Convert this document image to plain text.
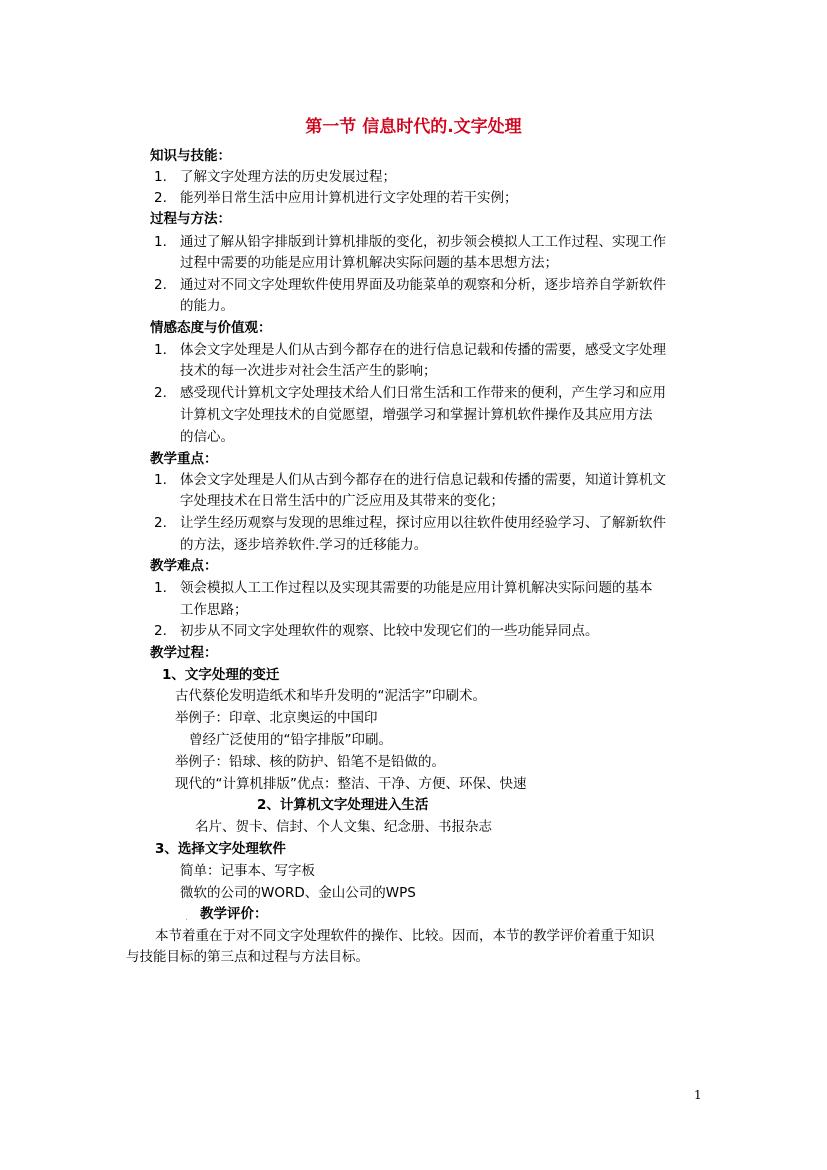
第一节 信息时代的.文字处理
知识与技能：
1. 了解文字处理方法的历史发展过程；
2. 能列举日常生活中应用计算机进行文字处理的若干实例；
过程与方法：
1. 通过了解从铅字排版到计算机排版的变化，初步领会模拟人工工作过程、实现工作
过程中需要的功能是应用计算机解决实际问题的基本思想方法；
2. 通过对不同文字处理软件使用界面及功能菜单的观察和分析，逐步培养自学新软件
的能力。
情感态度与价值观：
1. 体会文字处理是人们从古到今都存在的进行信息记载和传播的需要，感受文字处理
技术的每一次进步对社会生活产生的影响；
2. 感受现代计算机文字处理技术给人们日常生活和工作带来的便利，产生学习和应用
计算机文字处理技术的自觉愿望，增强学习和掌握计算机软件操作及其应用方法
的信心。
教学重点：
1. 体会文字处理是人们从古到今都存在的进行信息记载和传播的需要，知道计算机文
字处理技术在日常生活中的广泛应用及其带来的变化；
2. 让学生经历观察与发现的思维过程，探讨应用以往软件使用经验学习、了解新软件
的方法，逐步培养软件.学习的迁移能力。
教学难点：
1. 领会模拟人工工作过程以及实现其需要的功能是应用计算机解决实际问题的基本
工作思路；
2. 初步从不同文字处理软件的观察、比较中发现它们的一些功能异同点。
教学过程：
1、文字处理的变迁
古代蔡伦发明造纸术和毕升发明的“泥活字”印刷术。
举例子：印章、北京奥运的中国印
曾经广泛使用的“铅字排版”印刷。
举例子：铅球、核的防护、铅笔不是铅做的。
现代的“计算机排版”优点：整洁、干净、方便、环保、快速
2、计算机文字处理进入生活
名片、贺卡、信封、个人文集、纪念册、书报杂志
3、选择文字处理软件
简单：记事本、写字板
微软的公司的WORD、金山公司的WPS
. 教学评价：
本节着重在于对不同文字处理软件的操作、比较。因而，本节的教学评价着重于知识
与技能目标的第三点和过程与方法目标。
1
